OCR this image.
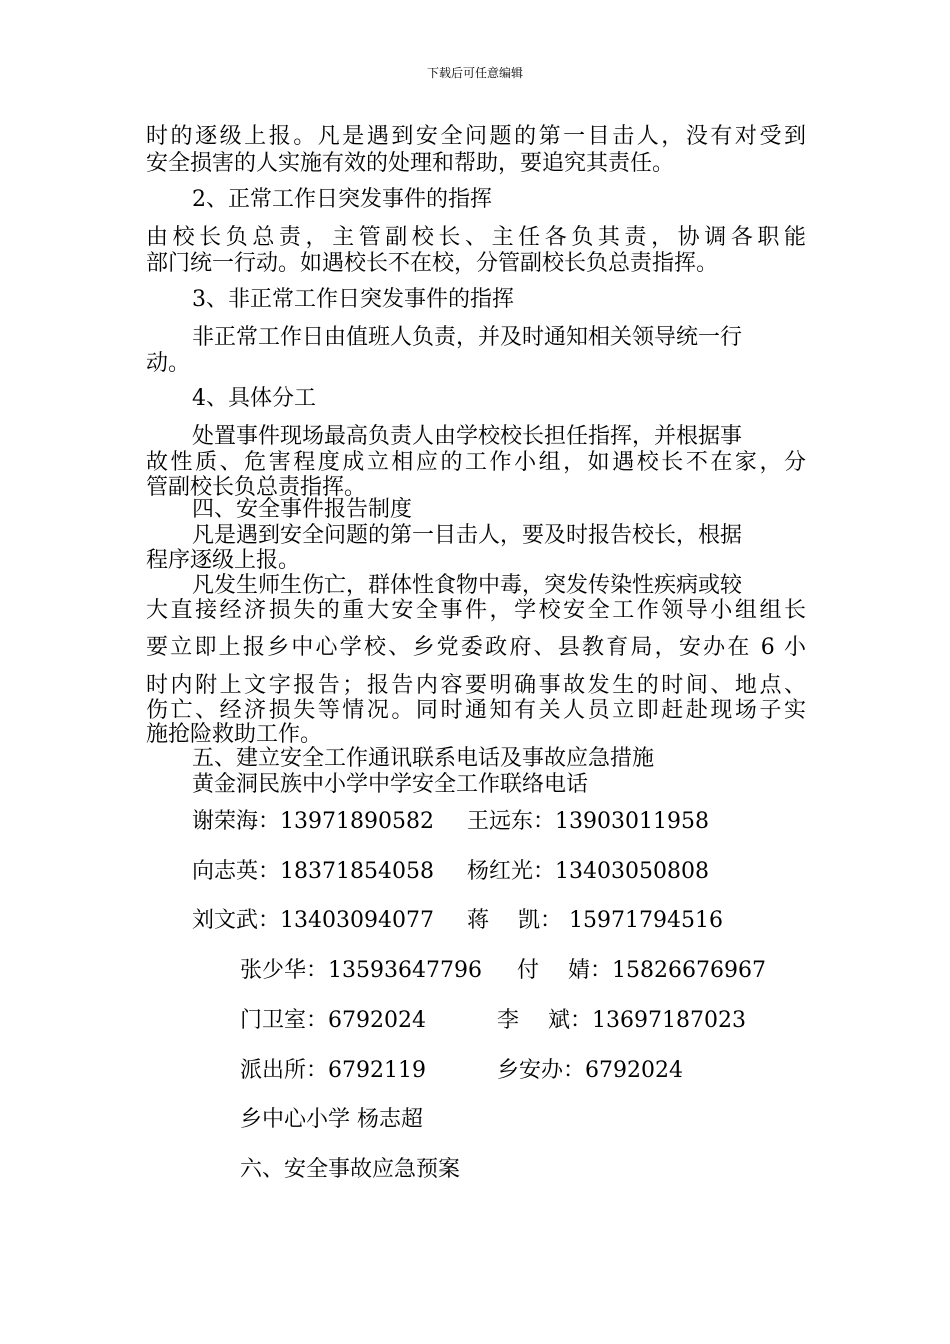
下载后可任意编辑
时的逐级上报。凡是遇到安全问题的第一目击人，没有对受到
安全损害的人实施有效的处理和帮助，要追究其责任。
2、正常工作日突发事件的指挥
由校长负总责，主管副校长、主任各负其责，协调各职能
部门统一行动。如遇校长不在校，分管副校长负总责指挥。
3、非正常工作日突发事件的指挥
非正常工作日由值班人负责，并及时通知相关领导统一行
动。
4、具体分工
处置事件现场最高负责人由学校校长担任指挥，并根据事
故性质、危害程度成立相应的工作小组，如遇校长不在家，分
管副校长负总责指挥。
四、安全事件报告制度
凡是遇到安全问题的第一目击人，要及时报告校长，根据
程序逐级上报。
凡发生师生伤亡，群体性食物中毒，突发传染性疾病或较
大直接经济损失的重大安全事件，学校安全工作领导小组组长
要立即上报乡中心学校、乡党委政府、县教育局，安办在 6 小
时内附上文字报告；报告内容要明确事故发生的时间、地点、
伤亡、经济损失等情况。同时通知有关人员立即赶赴现场子实
施抢险救助工作。
五、建立安全工作通讯联系电话及事故应急措施
黄金洞民族中小学中学安全工作联络电话
谢荣海：13971890582 王远东：13903011958
向志英：18371854058 杨红光：13403050808
刘文武：13403094077 蒋　 凯： 15971794516
张少华：13593647796 付　 婧：15826676967
门卫室：6792024	李　 斌：13697187023
派出所：6792119	乡安办：6792024
乡中心小学 杨志超
六、安全事故应急预案
